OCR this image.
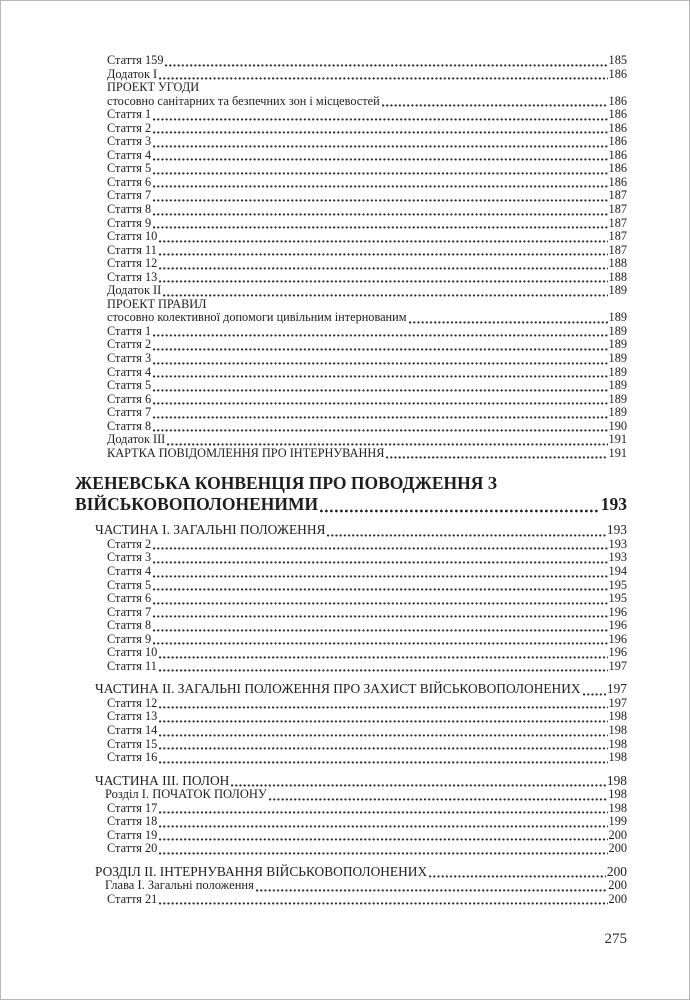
Стаття 159	185
Додаток I	186
ПРОЕКТ УГОДИ
стосовно санітарних та безпечних зон і місцевостей	186
Стаття 1	186
Стаття 2	186
Стаття 3	186
Стаття 4	186
Стаття 5	186
Стаття 6	186
Стаття 7	187
Стаття 8	187
Стаття 9	187
Стаття 10	187
Стаття 11	187
Стаття 12	188
Стаття 13	188
Додаток II	189
ПРОЕКТ ПРАВИЛ
стосовно колективної допомоги цивільним інтернованим	189
Стаття 1	189
Стаття 2	189
Стаття 3	189
Стаття 4	189
Стаття 5	189
Стаття 6	189
Стаття 7	189
Стаття 8	190
Додаток III	191
КАРТКА ПОВІДОМЛЕННЯ ПРО ІНТЕРНУВАННЯ	191
ЖЕНЕВСЬКА КОНВЕНЦІЯ ПРО ПОВОДЖЕННЯ З
ВІЙСЬКОВОПОЛОНЕНИМИ	193
ЧАСТИНА I. ЗАГАЛЬНІ ПОЛОЖЕННЯ	193
Стаття 2	193
Стаття 3	193
Стаття 4	194
Стаття 5	195
Стаття 6	195
Стаття 7	196
Стаття 8	196
Стаття 9	196
Стаття 10	196
Стаття 11	197
ЧАСТИНА II. ЗАГАЛЬНІ ПОЛОЖЕННЯ ПРО ЗАХИСТ ВІЙСЬКОВОПОЛОНЕНИХ 197
Стаття 12	197
Стаття 13	198
Стаття 14	198
Стаття 15	198
Стаття 16	198
ЧАСТИНА III. ПОЛОН	198
Розділ I. ПОЧАТОК ПОЛОНУ	198
Стаття 17	198
Стаття 18	199
Стаття 19	200
Стаття 20	200
РОЗДІЛ II. ІНТЕРНУВАННЯ ВІЙСЬКОВОПОЛОНЕНИХ	200
Глава I. Загальні положення	200
Стаття 21	200
275
